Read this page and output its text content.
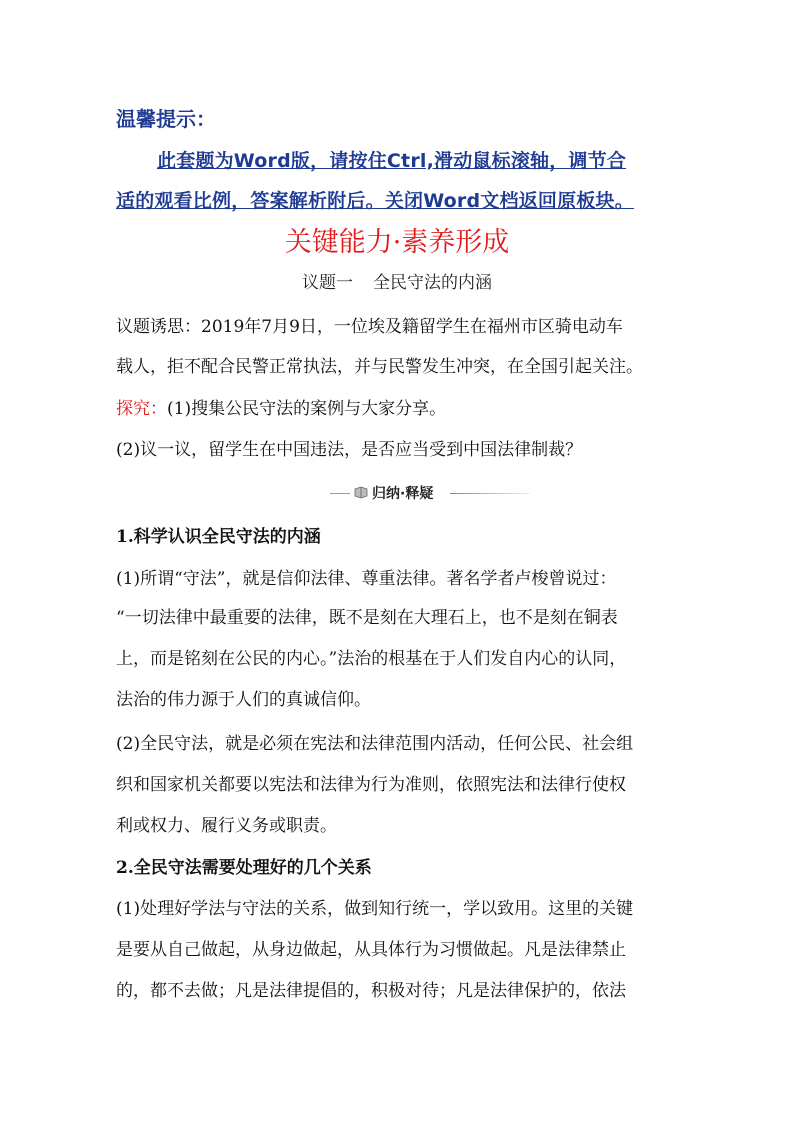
温馨提示：
此套题为Word版，请按住Ctrl,滑动鼠标滚轴，调节合
适的观看比例，答案解析附后。关闭Word文档返回原板块。
关键能力·素养形成
议题一 全民守法的内涵
议题诱思：2019年7月9日，一位埃及籍留学生在福州市区骑电动车
载人，拒不配合民警正常执法，并与民警发生冲突，在全国引起关注。
探究：(1)搜集公民守法的案例与大家分享。
(2)议一议，留学生在中国违法，是否应当受到中国法律制裁？
归纳·释疑
1.科学认识全民守法的内涵
(1)所谓“守法”，就是信仰法律、尊重法律。著名学者卢梭曾说过：
“一切法律中最重要的法律，既不是刻在大理石上，也不是刻在铜表
上，而是铭刻在公民的内心。”法治的根基在于人们发自内心的认同，
法治的伟力源于人们的真诚信仰。
(2)全民守法，就是必须在宪法和法律范围内活动，任何公民、社会组
织和国家机关都要以宪法和法律为行为准则，依照宪法和法律行使权
利或权力、履行义务或职责。
2.全民守法需要处理好的几个关系
(1)处理好学法与守法的关系，做到知行统一，学以致用。这里的关键
是要从自己做起，从身边做起，从具体行为习惯做起。凡是法律禁止
的，都不去做；凡是法律提倡的，积极对待；凡是法律保护的，依法
